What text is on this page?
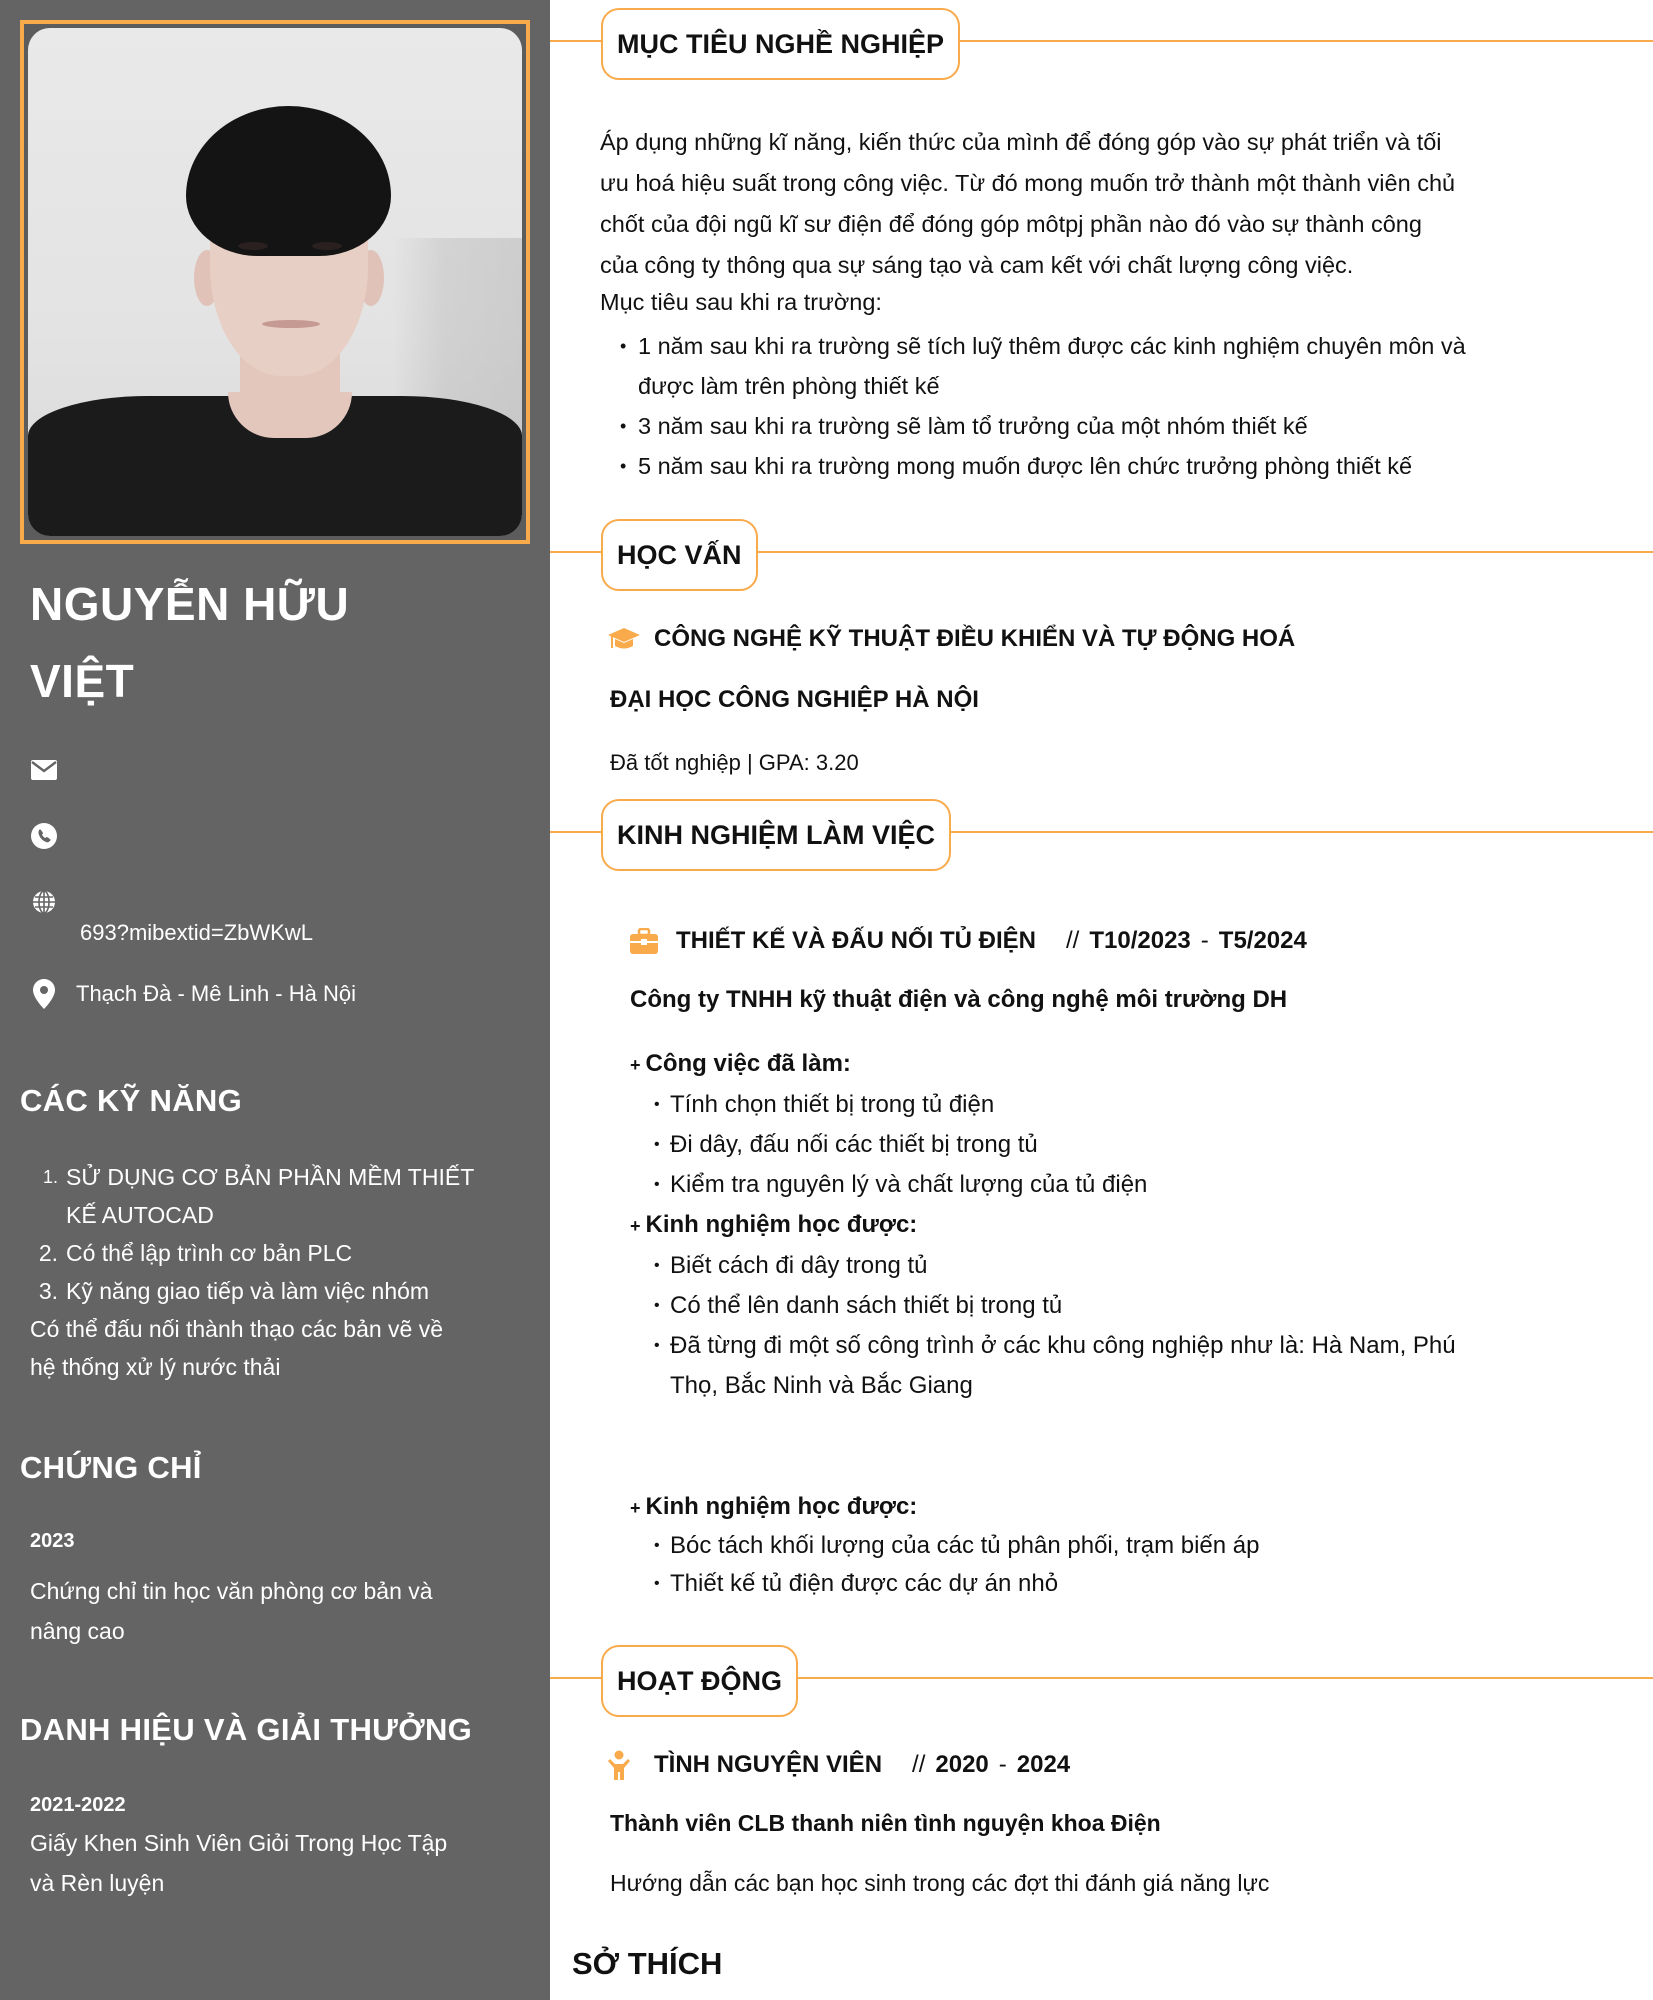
NGUYỄN HỮU
VIỆT
693?mibextid=ZbWKwL
Thạch Đà - Mê Linh - Hà Nội
CÁC KỸ NĂNG
1. SỬ DỤNG CƠ BẢN PHẦN MỀM THIẾT
KẾ AUTOCAD
2. Có thể lập trình cơ bản PLC
3. Kỹ năng giao tiếp và làm việc nhóm
Có thể đấu nối thành thạo các bản vẽ về
hệ thống xử lý nước thải
CHỨNG CHỈ
2023
Chứng chỉ tin học văn phòng cơ bản và
nâng cao
DANH HIỆU VÀ GIẢI THƯỞNG
2021-2022
Giấy Khen Sinh Viên Giỏi Trong Học Tập
và Rèn luyện
MỤC TIÊU NGHỀ NGHIỆP
Áp dụng những kĩ năng, kiến thức của mình để đóng góp vào sự phát triển và tối
ưu hoá hiệu suất trong công việc. Từ đó mong muốn trở thành một thành viên chủ
chốt của đội ngũ kĩ sư điện để đóng góp môtpj phần nào đó vào sự thành công
của công ty thông qua sự sáng tạo và cam kết với chất lượng công việc.
Mục tiêu sau khi ra trường:
• 1 năm sau khi ra trường sẽ tích luỹ thêm được các kinh nghiệm chuyên môn và
được làm trên phòng thiết kế
• 3 năm sau khi ra trường sẽ làm tổ trưởng của một nhóm thiết kế
• 5 năm sau khi ra trường mong muốn được lên chức trưởng phòng thiết kế
HỌC VẤN
CÔNG NGHỆ KỸ THUẬT ĐIỀU KHIỂN VÀ TỰ ĐỘNG HOÁ
ĐẠI HỌC CÔNG NGHIỆP HÀ NỘI
Đã tốt nghiệp | GPA: 3.20
KINH NGHIỆM LÀM VIỆC
THIẾT KẾ VÀ ĐẤU NỐI TỦ ĐIỆN // T10/2023 - T5/2024
Công ty TNHH kỹ thuật điện và công nghệ môi trường DH
+ Công việc đã làm:
• Tính chọn thiết bị trong tủ điện
• Đi dây, đấu nối các thiết bị trong tủ
• Kiểm tra nguyên lý và chất lượng của tủ điện
+ Kinh nghiệm học được:
• Biết cách đi dây trong tủ
• Có thể lên danh sách thiết bị trong tủ
• Đã từng đi một số công trình ở các khu công nghiệp như là: Hà Nam, Phú
Thọ, Bắc Ninh và Bắc Giang
+ Kinh nghiệm học được:
• Bóc tách khối lượng của các tủ phân phối, trạm biến áp
• Thiết kế tủ điện được các dự án nhỏ
HOẠT ĐỘNG
TÌNH NGUYỆN VIÊN // 2020 - 2024
Thành viên CLB thanh niên tình nguyện khoa Điện
Hướng dẫn các bạn học sinh trong các đợt thi đánh giá năng lực
SỞ THÍCH
